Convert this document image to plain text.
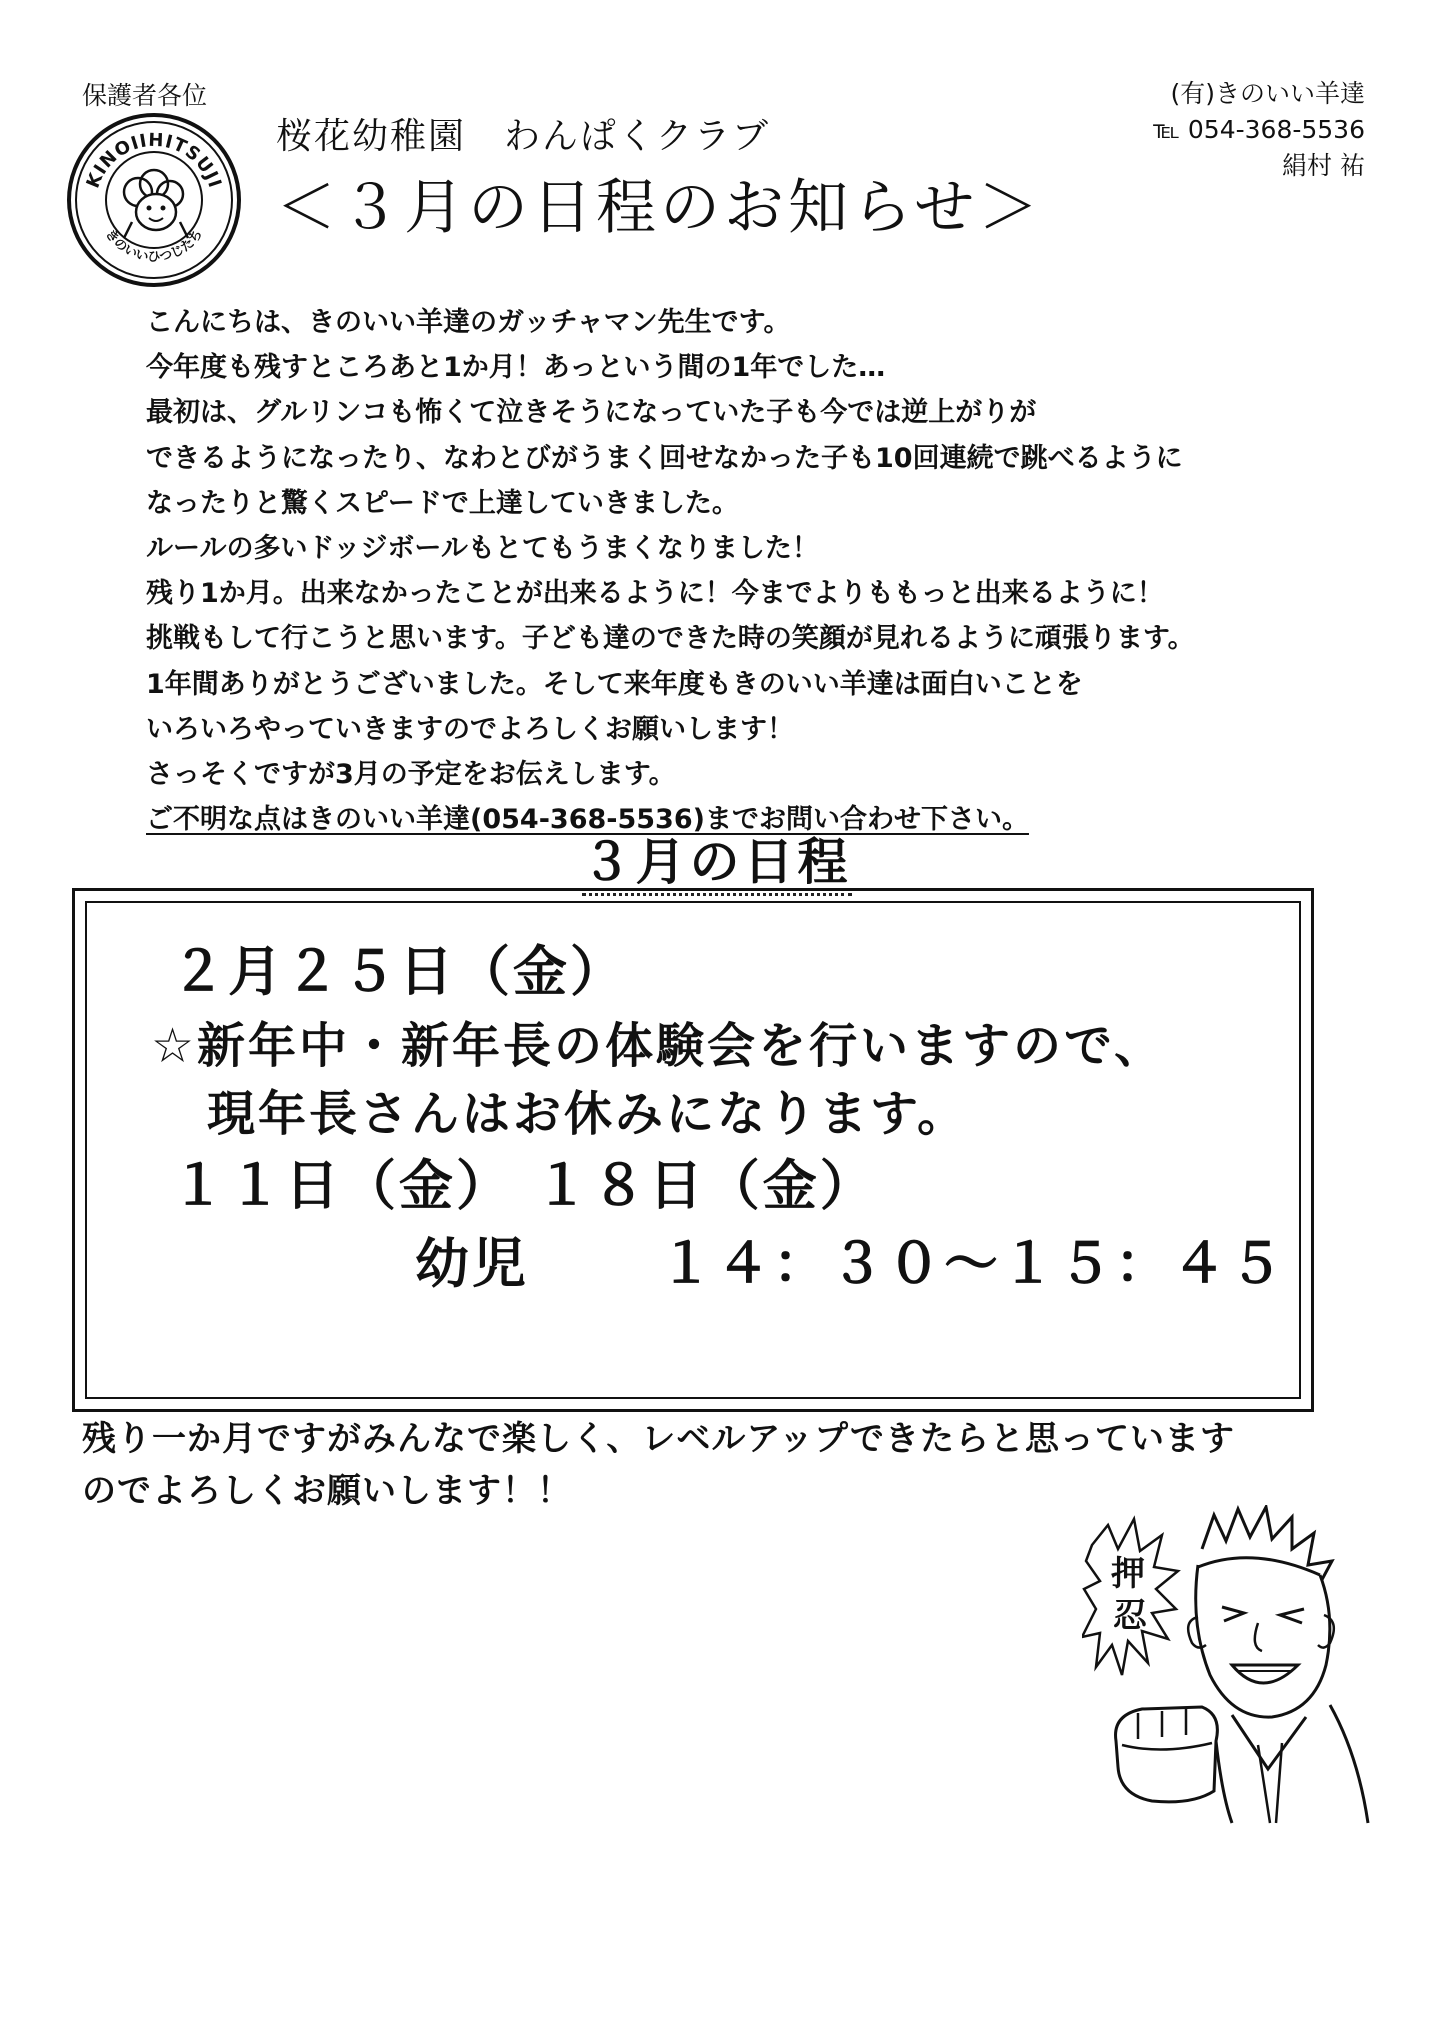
保護者各位
KINOIIHITSUJI
きのいいひつじたち
桜花幼稚園　わんぱくクラブ
＜３月の日程のお知らせ＞
(有)きのいい羊達
℡ 054-368-5536
絹村 祐
こんにちは、きのいい羊達のガッチャマン先生です。
今年度も残すところあと1か月！あっという間の1年でした…
最初は、グルリンコも怖くて泣きそうになっていた子も今では逆上がりが
できるようになったり、なわとびがうまく回せなかった子も10回連続で跳べるように
なったりと驚くスピードで上達していきました。
ルールの多いドッジボールもとてもうまくなりました！
残り1か月。出来なかったことが出来るように！今までよりももっと出来るように！
挑戦もして行こうと思います。子ども達のできた時の笑顔が見れるように頑張ります。
1年間ありがとうございました。そして来年度もきのいい羊達は面白いことを
いろいろやっていきますのでよろしくお願いします！
さっそくですが3月の予定をお伝えします。
ご不明な点はきのいい羊達(054-368-5536)までお問い合わせ下さい。
３月の日程
２月２５日（金）
☆新年中・新年長の体験会を行いますので、
現年長さんはお休みになります。
１１日（金） １８日（金）
幼児 １４：３０～１５：４５
残り一か月ですがみんなで楽しく、レベルアップできたらと思っています
のでよろしくお願いします！！
押
忍
